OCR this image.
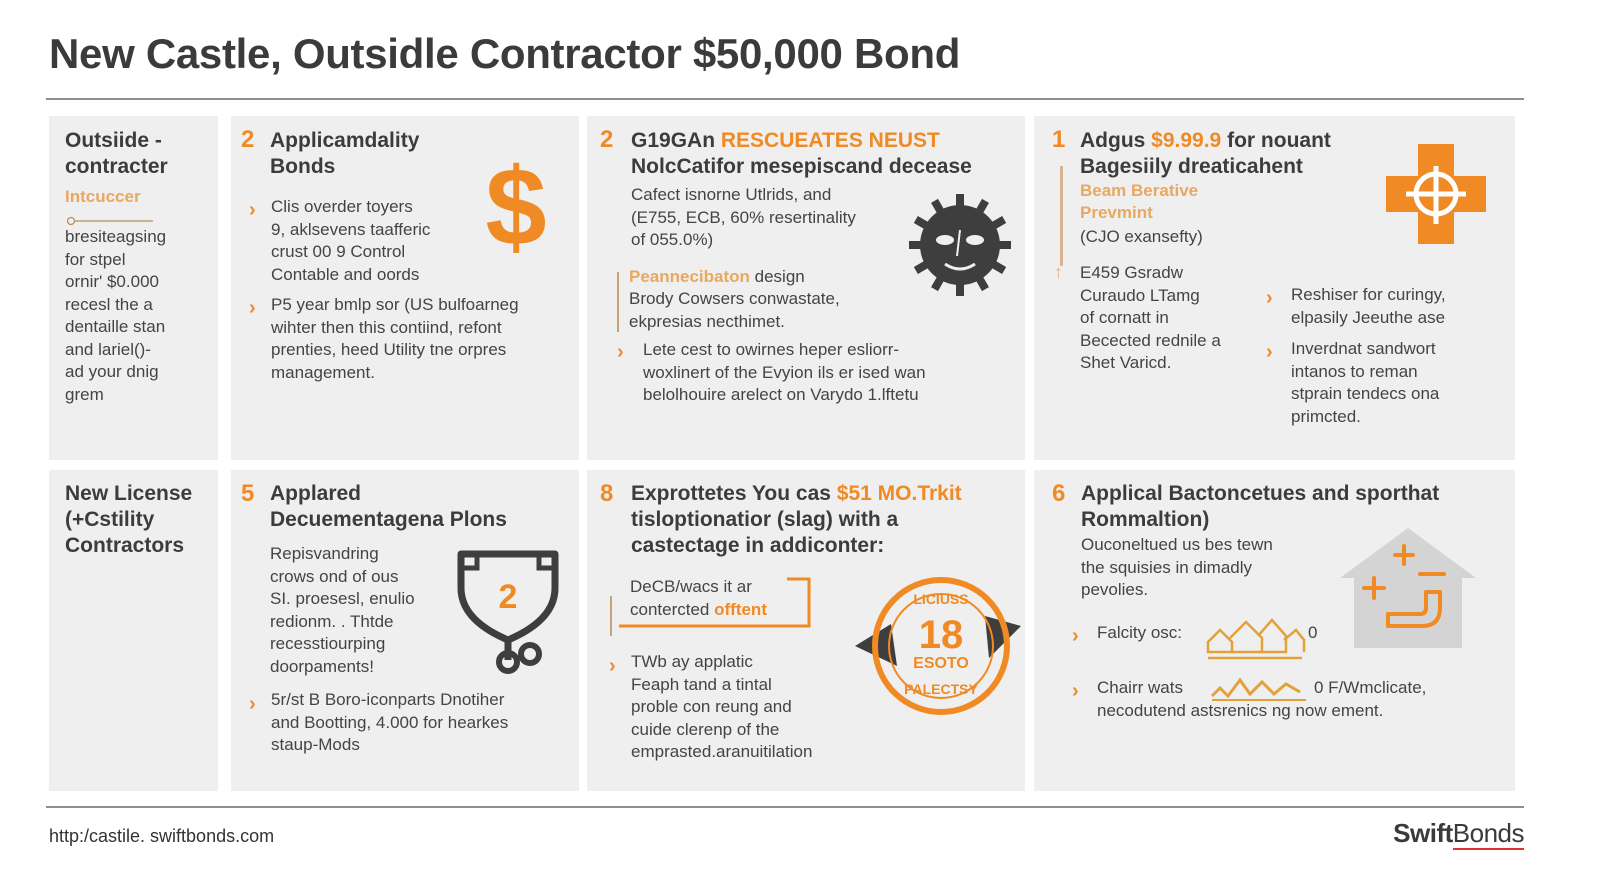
New Castle, Outsidle Contractor $50,000 Bond
Outsiide -
contracter
Intcuccer
bresiteagsing
for stpel
ornir' $0.000
recesl the a
dentaille stan
and lariel()-
ad your dnig
grem
2 Applicamdality
Bonds	$
› Clis overder toyers
9, aklsevens taafferic
crust 00 9 Control
Contable and oords
› P5 year bmlp sor (US bulfoarneg
wihter then this contiind, refont
prenties, heed Utility tne orpres
management.
2 G19GAn RESCUEATES NEUST
NolcCatifor mesepiscand decease
Cafect isnorne Utlrids, and
(E755, ECB, 60% resertinality
of 055.0%)
Peannecibaton design
Brody Cowsers conwastate,
ekpresias necthimet.
› Lete cest to owirnes heper esliorr-
woxlinert of the Evyion ils er ised wan
belolhouire arelect on Varydo 1.lftetu
1 Adgus $9.99.9 for nouant
Bagesiily dreaticahent
Beam Berative
Prevmint
(CJO exansefty)
↑ E459 Gsradw
Curaudo LTamg
of cornatt in
Becected rednile a
Shet Varicd.
› Reshiser for curingy,
elpasily Jeeuthe ase
› Inverdnat sandwort
intanos to reman
stprain tendecs ona
primcted.
New License
(+Cstility
Contractors
5 Applared
Decuementagena Plons
Repisvandring
crows ond of ous
SI. proesesl, enulio
redionm. . Thtde
recesstiourping
doorpaments!
2
› 5r/st B Boro-iconparts Dnotiher
and Bootting, 4.000 for hearkes
staup-Mods
8 Exprottetes You cas $51 MO.Trkit
tisloptionatior (slag) with a
castectage in addiconter:
DeCB/wacs it ar
contercted offtent
› TWb ay applatic
Feaph tand a tintal
proble con reung and
cuide clerenp of the
emprasted.aranuitilation
LICIUSS
18
ESOTO
PALECTSY
6 Applical Bactoncetues and sporthat
Rommaltion)
Ouconeltued us bes tewn
the squisies in dimadly
pevolies.
› Falcity osc:	0
› Chairr wats	0 F/Wmclicate,
necodutend astsrenics ng now ement.
http:/castile. swiftbonds.com	SwiftBonds
